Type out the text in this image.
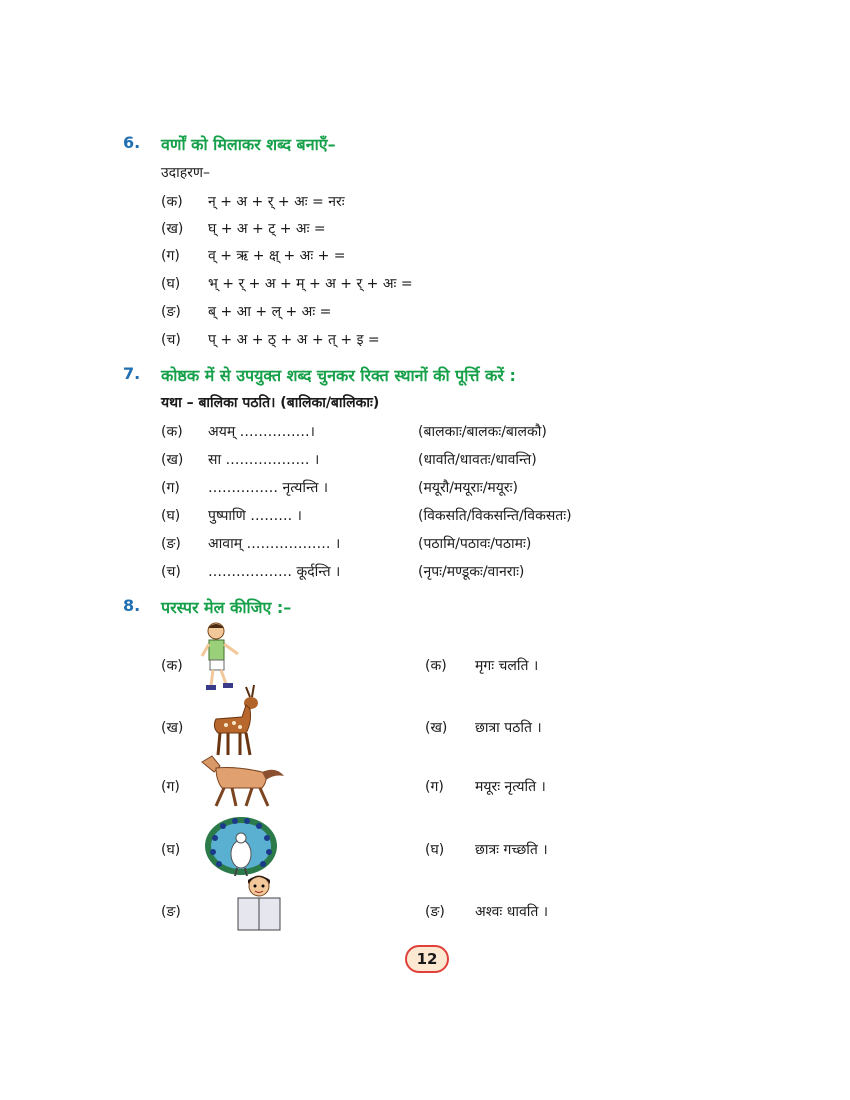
6. वर्णों को मिलाकर शब्द बनाएँ–
उदाहरण–
(क) न् + अ + र् + अः = नरः
(ख) घ् + अ + ट् + अः =
(ग) व् + ऋ + क्ष् + अः + =
(घ) भ् + र् + अ + म् + अ + र् + अः =
(ङ) ब् + आ + ल् + अः =
(च) प् + अ + ठ् + अ + त् + इ =
7. कोष्ठक में से उपयुक्त शब्द चुनकर रिक्त स्थानों की पूर्त्ति करें :
यथा – बालिका पठति। (बालिका/बालिकाः)
(क) अयम् ……………।	(बालकाः/बालकः/बालकौ)
(ख) सा ……………… ।	(धावति/धावतः/धावन्ति)
(ग) …………… नृत्यन्ति ।	(मयूरौ/मयूराः/मयूरः)
(घ) पुष्पाणि ……… ।	(विकसति/विकसन्ति/विकसतः)
(ङ) आवाम् ……………… ।	(पठामि/पठावः/पठामः)
(च) ……………… कूर्दन्ति ।	(नृपः/मण्डूकः/वानराः)
8. परस्पर मेल कीजिए :–
(क)
(ख)
(ग)
(घ)
(ङ)
(क) मृगः चलति ।
(ख) छात्रा पठति ।
(ग) मयूरः नृत्यति ।
(घ) छात्रः गच्छति ।
(ङ) अश्वः धावति ।
12
